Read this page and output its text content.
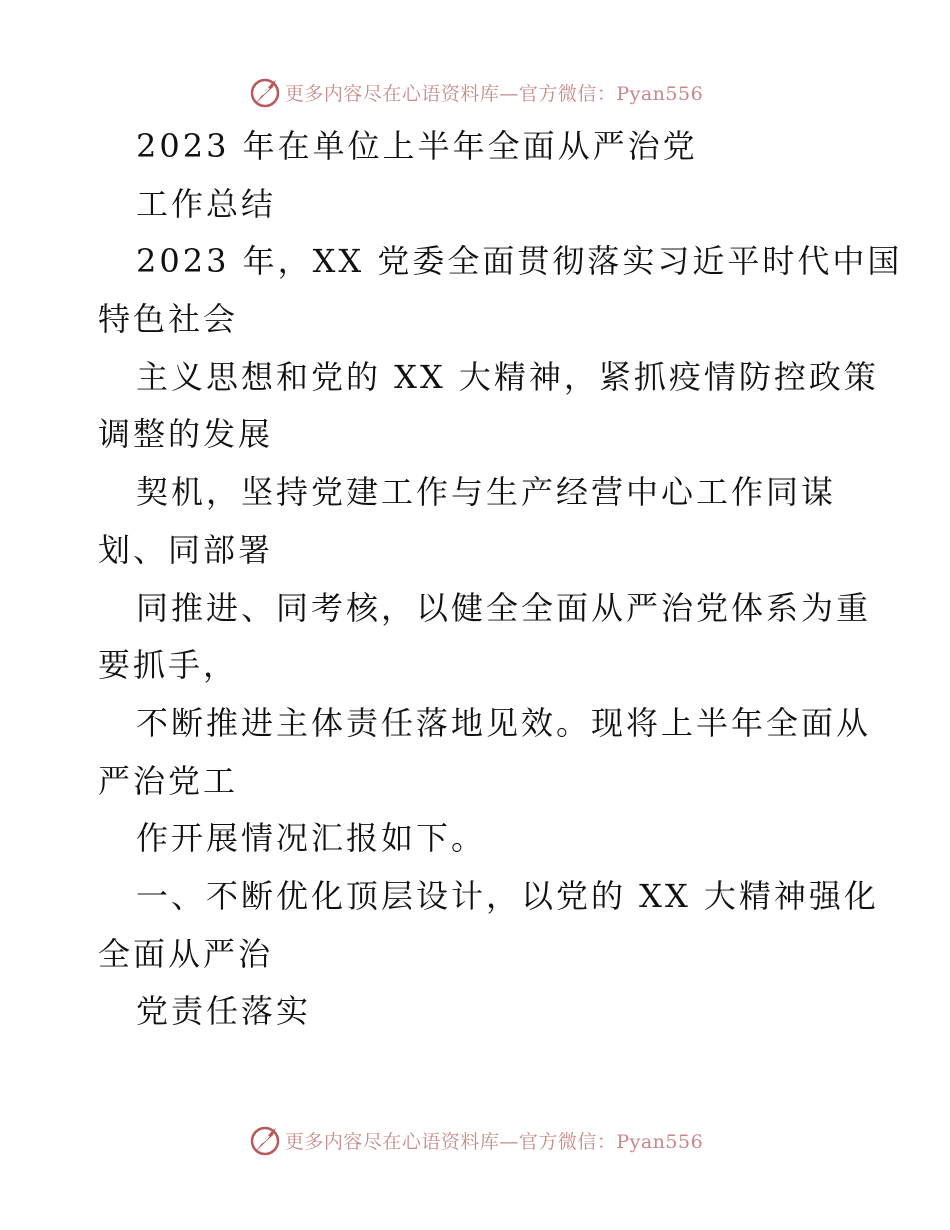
更多内容尽在心语资料库—官方微信：Pyan556
2023 年在单位上半年全面从严治党
工作总结
2023 年，XX 党委全面贯彻落实习近平时代中国
特色社会
主义思想和党的 XX 大精神，紧抓疫情防控政策
调整的发展
契机，坚持党建工作与生产经营中心工作同谋
划、同部署
同推进、同考核，以健全全面从严治党体系为重
要抓手，
不断推进主体责任落地见效。现将上半年全面从
严治党工
作开展情况汇报如下。
一、不断优化顶层设计，以党的 XX 大精神强化
全面从严治
党责任落实
更多内容尽在心语资料库—官方微信：Pyan556
